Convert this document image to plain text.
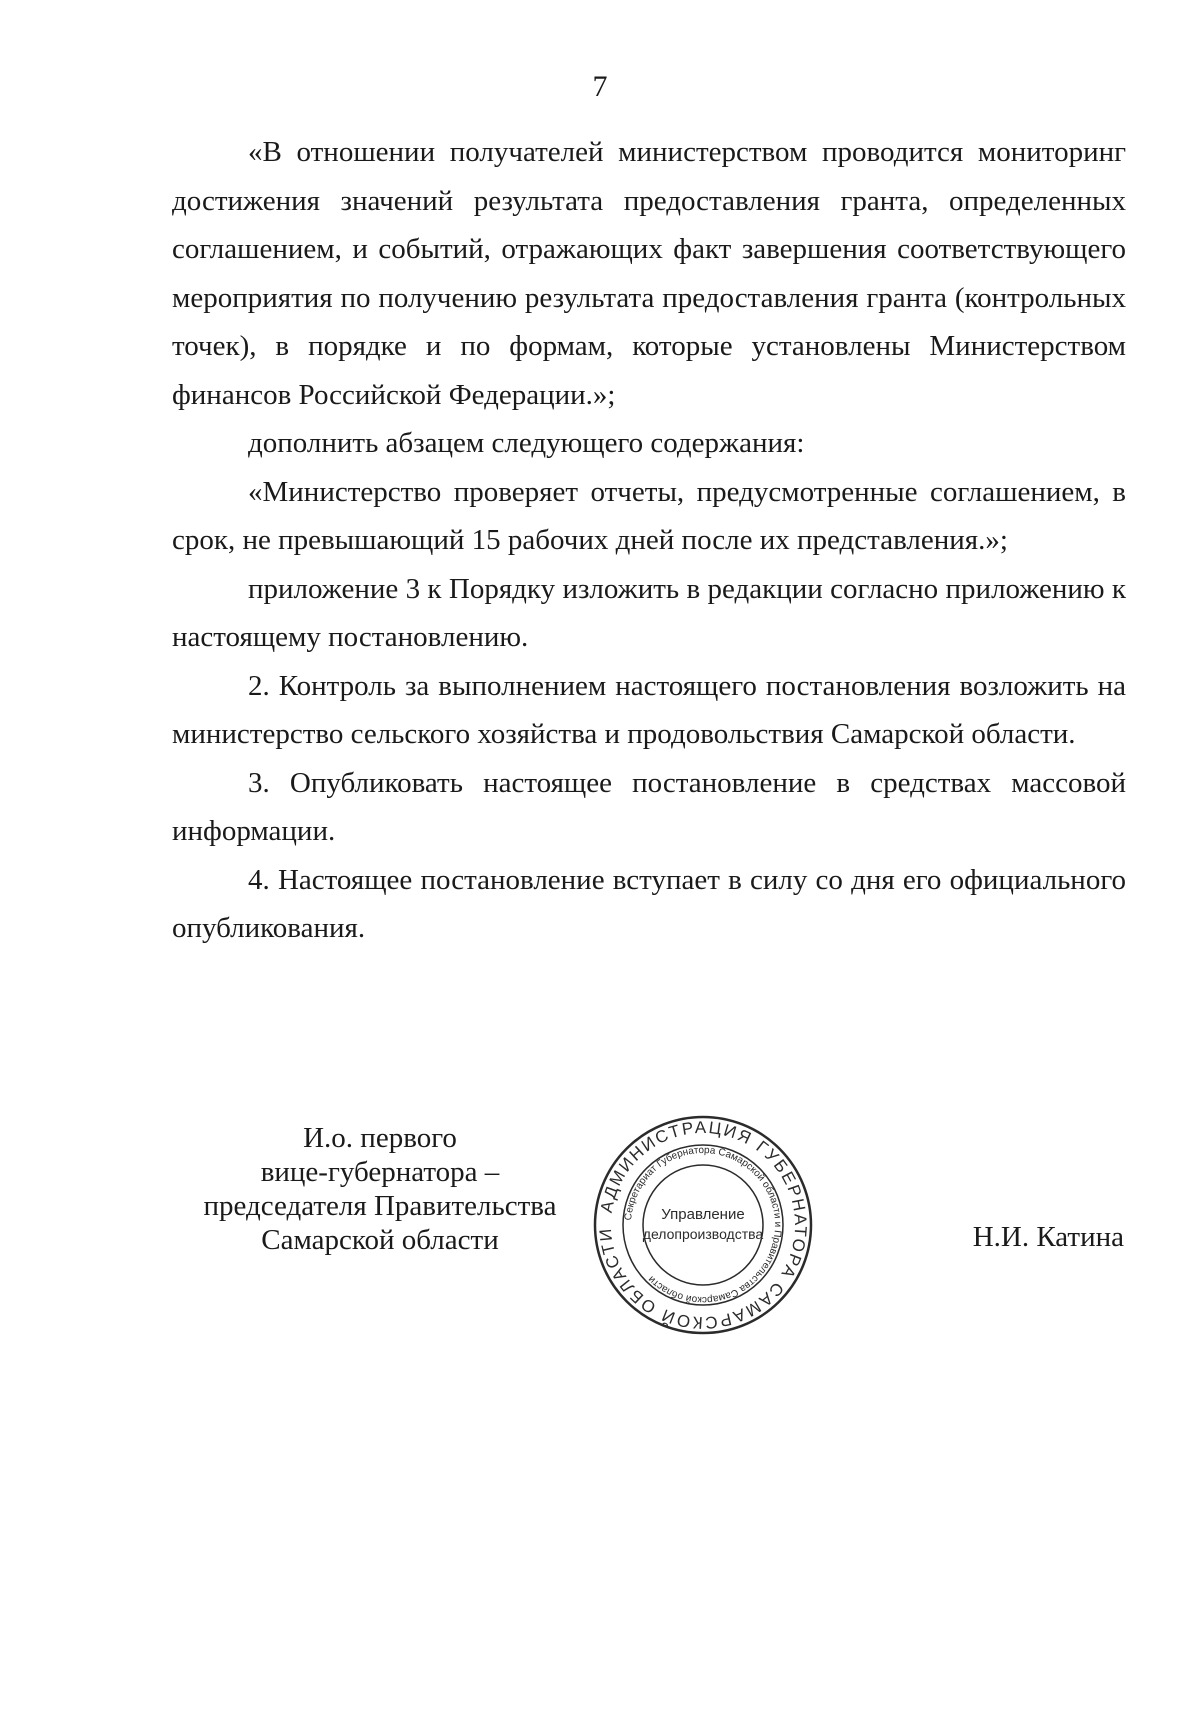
7

«В отношении получателей министерством проводится мониторинг достижения значений результата предоставления гранта, определенных соглашением, и событий, отражающих факт завершения соответствующего мероприятия по получению результата предоставления гранта (контрольных точек), в порядке и по формам, которые установлены Министерством финансов Российской Федерации.»;

дополнить абзацем следующего содержания:

«Министерство проверяет отчеты, предусмотренные соглашением, в срок, не превышающий 15 рабочих дней после их представления.»;

приложение 3 к Порядку изложить в редакции согласно приложению к настоящему постановлению.

2. Контроль за выполнением настоящего постановления возложить на министерство сельского хозяйства и продовольствия Самарской области.

3. Опубликовать настоящее постановление в средствах массовой информации.

4. Настоящее постановление вступает в силу со дня его официального опубликования.

И.о. первого
вице-губернатора –
председателя Правительства
Самарской области
АДМИНИСТРАЦИЯ ГУБЕРНАТОРА САМАРСКОЙ ОБЛАСТИ
Секретариат Губернатора Самарской области и Правительства Самарской области
Управление
делопроизводства	Н.И. Катина
